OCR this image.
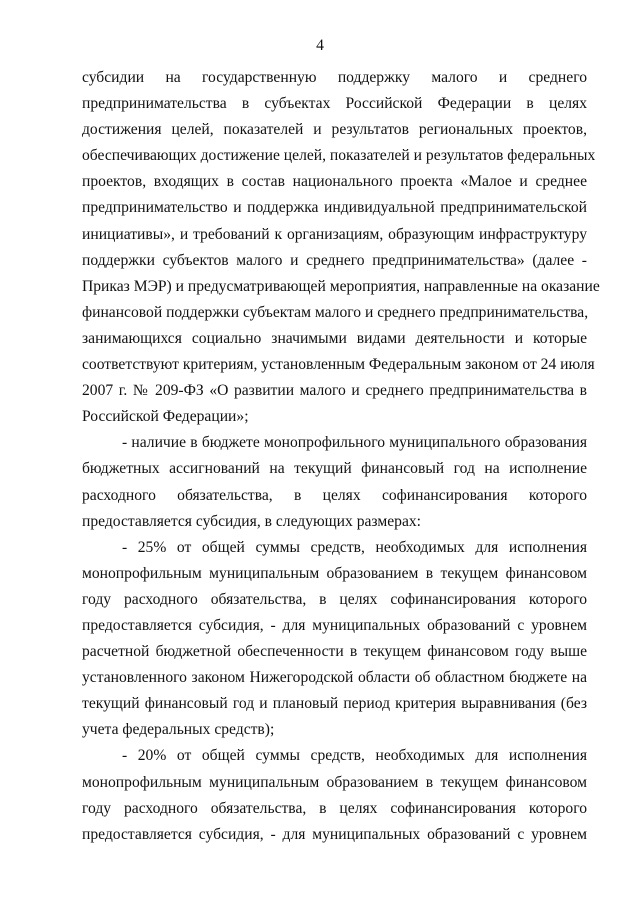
4
субсидии на государственную поддержку малого и среднего
предпринимательства в субъектах Российской Федерации в целях
достижения целей, показателей и результатов региональных проектов,
обеспечивающих достижение целей, показателей и результатов федеральных
проектов, входящих в состав национального проекта «Малое и среднее
предпринимательство и поддержка индивидуальной предпринимательской
инициативы», и требований к организациям, образующим инфраструктуру
поддержки субъектов малого и среднего предпринимательства» (далее -
Приказ МЭР) и предусматривающей мероприятия, направленные на оказание
финансовой поддержки субъектам малого и среднего предпринимательства,
занимающихся социально значимыми видами деятельности и которые
соответствуют критериям, установленным Федеральным законом от 24 июля
2007 г. № 209-ФЗ «О развитии малого и среднего предпринимательства в
Российской Федерации»;
- наличие в бюджете монопрофильного муниципального образования
бюджетных ассигнований на текущий финансовый год на исполнение
расходного обязательства, в целях софинансирования которого
предоставляется субсидия, в следующих размерах:
- 25% от общей суммы средств, необходимых для исполнения
монопрофильным муниципальным образованием в текущем финансовом
году расходного обязательства, в целях софинансирования которого
предоставляется субсидия, - для муниципальных образований с уровнем
расчетной бюджетной обеспеченности в текущем финансовом году выше
установленного законом Нижегородской области об областном бюджете на
текущий финансовый год и плановый период критерия выравнивания (без
учета федеральных средств);
- 20% от общей суммы средств, необходимых для исполнения
монопрофильным муниципальным образованием в текущем финансовом
году расходного обязательства, в целях софинансирования которого
предоставляется субсидия, - для муниципальных образований с уровнем
